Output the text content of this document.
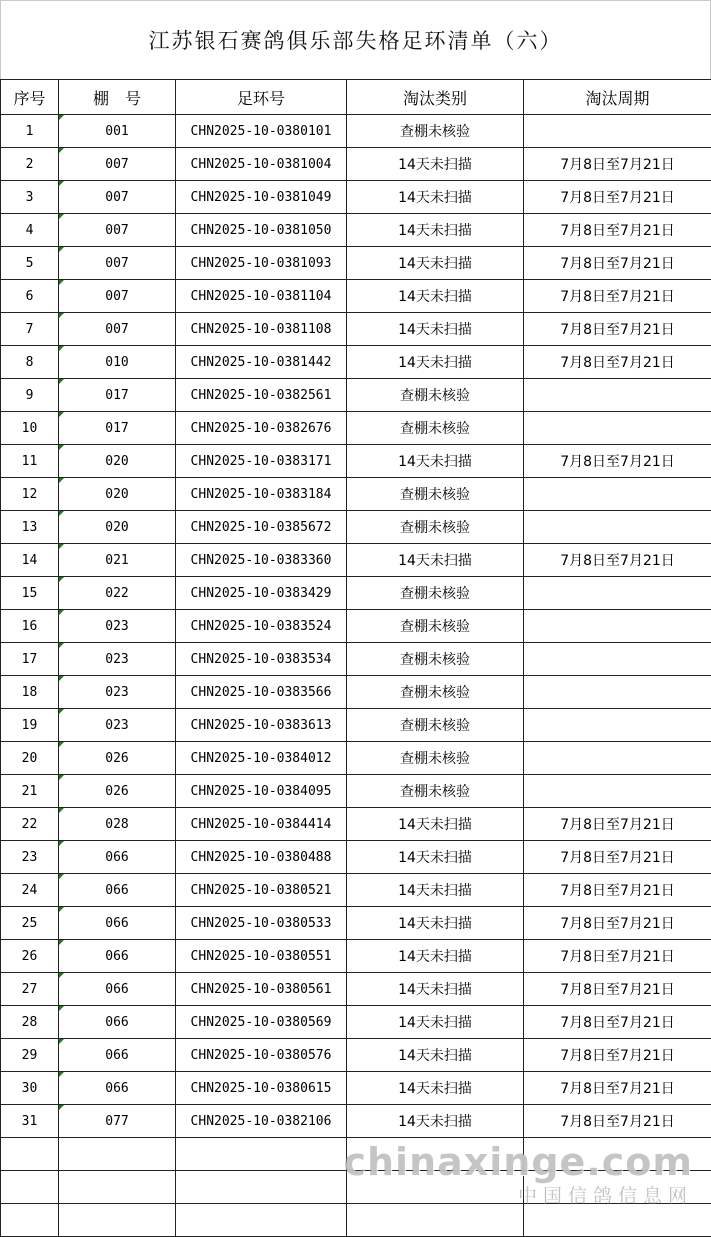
江苏银石赛鸽俱乐部失格足环清单（六）
序号	棚　号	足环号	淘汰类别	淘汰周期
1	001	CHN2025-10-0380101	查棚未核验	
2	007	CHN2025-10-0381004	14天未扫描	7月8日至7月21日
3	007	CHN2025-10-0381049	14天未扫描	7月8日至7月21日
4	007	CHN2025-10-0381050	14天未扫描	7月8日至7月21日
5	007	CHN2025-10-0381093	14天未扫描	7月8日至7月21日
6	007	CHN2025-10-0381104	14天未扫描	7月8日至7月21日
7	007	CHN2025-10-0381108	14天未扫描	7月8日至7月21日
8	010	CHN2025-10-0381442	14天未扫描	7月8日至7月21日
9	017	CHN2025-10-0382561	查棚未核验	
10	017	CHN2025-10-0382676	查棚未核验	
11	020	CHN2025-10-0383171	14天未扫描	7月8日至7月21日
12	020	CHN2025-10-0383184	查棚未核验	
13	020	CHN2025-10-0385672	查棚未核验	
14	021	CHN2025-10-0383360	14天未扫描	7月8日至7月21日
15	022	CHN2025-10-0383429	查棚未核验	
16	023	CHN2025-10-0383524	查棚未核验	
17	023	CHN2025-10-0383534	查棚未核验	
18	023	CHN2025-10-0383566	查棚未核验	
19	023	CHN2025-10-0383613	查棚未核验	
20	026	CHN2025-10-0384012	查棚未核验	
21	026	CHN2025-10-0384095	查棚未核验	
22	028	CHN2025-10-0384414	14天未扫描	7月8日至7月21日
23	066	CHN2025-10-0380488	14天未扫描	7月8日至7月21日
24	066	CHN2025-10-0380521	14天未扫描	7月8日至7月21日
25	066	CHN2025-10-0380533	14天未扫描	7月8日至7月21日
26	066	CHN2025-10-0380551	14天未扫描	7月8日至7月21日
27	066	CHN2025-10-0380561	14天未扫描	7月8日至7月21日
28	066	CHN2025-10-0380569	14天未扫描	7月8日至7月21日
29	066	CHN2025-10-0380576	14天未扫描	7月8日至7月21日
30	066	CHN2025-10-0380615	14天未扫描	7月8日至7月21日
31	077	CHN2025-10-0382106	14天未扫描	7月8日至7月21日

chinaxinge.com
中国信鸽信息网
